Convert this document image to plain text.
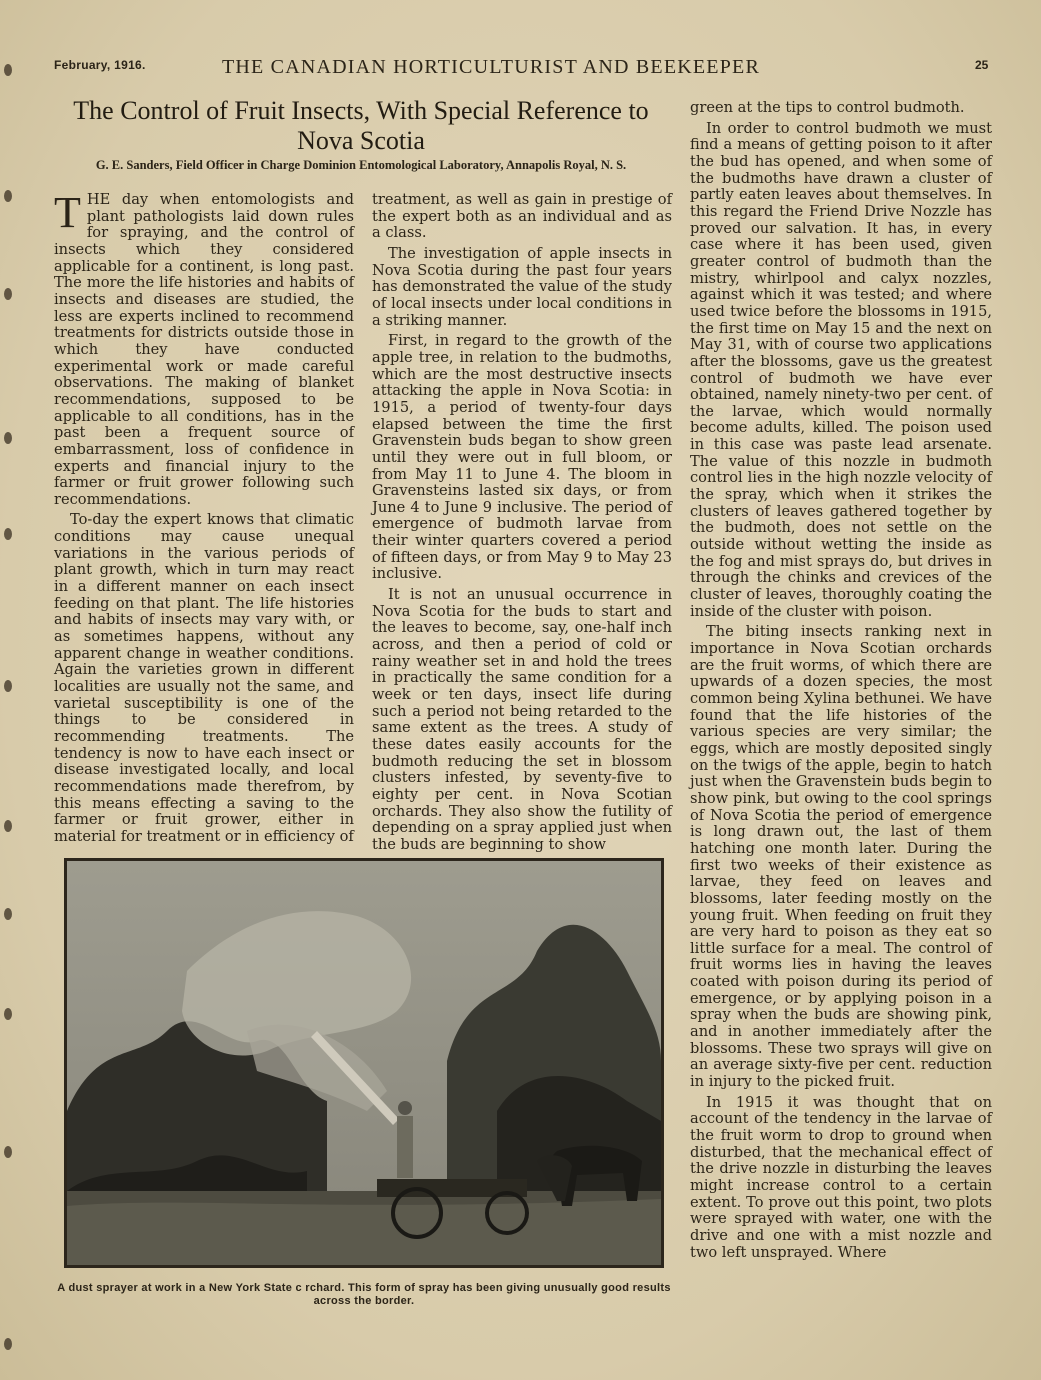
February, 1916.	THE CANADIAN HORTICULTURIST AND BEEKEEPER	25
The Control of Fruit Insects, With Special Reference to Nova Scotia
G. E. Sanders, Field Officer in Charge Dominion Entomological Laboratory, Annapolis Royal, N. S.

THE day when entomologists and plant pathologists laid down rules for spraying, and the control of insects which they considered applicable for a continent, is long past. The more the life histories and habits of insects and diseases are studied, the less are experts inclined to recommend treatments for districts outside those in which they have conducted experimental work or made careful observations. The making of blanket recommendations, supposed to be applicable to all conditions, has in the past been a frequent source of embarrassment, loss of confidence in experts and financial injury to the farmer or fruit grower following such recommendations.

To-day the expert knows that climatic conditions may cause unequal variations in the various periods of plant growth, which in turn may react in a different manner on each insect feeding on that plant. The life histories and habits of insects may vary with, or as sometimes happens, without any apparent change in weather conditions. Again the varieties grown in different localities are usually not the same, and varietal susceptibility is one of the things to be considered in recommending treatments. The tendency is now to have each insect or disease investigated locally, and local recommendations made therefrom, by this means effecting a saving to the farmer or fruit grower, either in material for treatment or in efficiency of

treatment, as well as gain in prestige of the expert both as an individual and as a class.

The investigation of apple insects in Nova Scotia during the past four years has demonstrated the value of the study of local insects under local conditions in a striking manner.

First, in regard to the growth of the apple tree, in relation to the budmoths, which are the most destructive insects attacking the apple in Nova Scotia: in 1915, a period of twenty-four days elapsed between the time the first Gravenstein buds began to show green until they were out in full bloom, or from May 11 to June 4. The bloom in Gravensteins lasted six days, or from June 4 to June 9 inclusive. The period of emergence of budmoth larvae from their winter quarters covered a period of fifteen days, or from May 9 to May 23 inclusive.

It is not an unusual occurrence in Nova Scotia for the buds to start and the leaves to become, say, one-half inch across, and then a period of cold or rainy weather set in and hold the trees in practically the same condition for a week or ten days, insect life during such a period not being retarded to the same extent as the trees. A study of these dates easily accounts for the budmoth reducing the set in blossom clusters infested, by seventy-five to eighty per cent. in Nova Scotian orchards. They also show the futility of depending on a spray applied just when the buds are beginning to show

green at the tips to control budmoth.

In order to control budmoth we must find a means of getting poison to it after the bud has opened, and when some of the budmoths have drawn a cluster of partly eaten leaves about themselves. In this regard the Friend Drive Nozzle has proved our salvation. It has, in every case where it has been used, given greater control of budmoth than the mistry, whirlpool and calyx nozzles, against which it was tested; and where used twice before the blossoms in 1915, the first time on May 15 and the next on May 31, with of course two applications after the blossoms, gave us the greatest control of budmoth we have ever obtained, namely ninety-two per cent. of the larvae, which would normally become adults, killed. The poison used in this case was paste lead arsenate. The value of this nozzle in budmoth control lies in the high nozzle velocity of the spray, which when it strikes the clusters of leaves gathered together by the budmoth, does not settle on the outside without wetting the inside as the fog and mist sprays do, but drives in through the chinks and crevices of the cluster of leaves, thoroughly coating the inside of the cluster with poison.

The biting insects ranking next in importance in Nova Scotian orchards are the fruit worms, of which there are upwards of a dozen species, the most common being Xylina bethunei. We have found that the life histories of the various species are very similar; the eggs, which are mostly deposited singly on the twigs of the apple, begin to hatch just when the Gravenstein buds begin to show pink, but owing to the cool springs of Nova Scotia the period of emergence is long drawn out, the last of them hatching one month later. During the first two weeks of their existence as larvae, they feed on leaves and blossoms, later feeding mostly on the young fruit. When feeding on fruit they are very hard to poison as they eat so little surface for a meal. The control of fruit worms lies in having the leaves coated with poison during its period of emergence, or by applying poison in a spray when the buds are showing pink, and in another immediately after the blossoms. These two sprays will give on an average sixty-five per cent. reduction in injury to the picked fruit.

In 1915 it was thought that on account of the tendency in the larvae of the fruit worm to drop to ground when disturbed, that the mechanical effect of the drive nozzle in disturbing the leaves might increase control to a certain extent. To prove out this point, two plots were sprayed with water, one with the drive and one with a mist nozzle and two left unsprayed. Where

A dust sprayer at work in a New York State c rchard. This form of spray has been giving unusually good results across the border.
